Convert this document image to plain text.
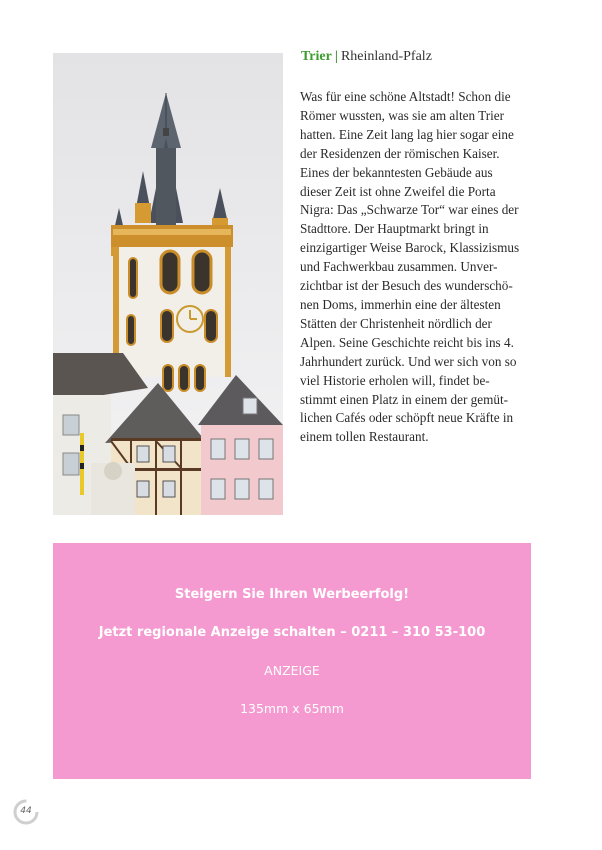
Trier | Rheinland-Pfalz
Was für eine schöne Altstadt! Schon die
Römer wussten, was sie am alten Trier
hatten. Eine Zeit lang lag hier sogar eine
der Residenzen der römischen Kaiser.
Eines der bekanntesten Gebäude aus
dieser Zeit ist ohne Zweifel die Porta
Nigra: Das „Schwarze Tor“ war eines der
Stadttore. Der Hauptmarkt bringt in
einzigartiger Weise Barock, Klassizismus
und Fachwerkbau zusammen. Unver-
zichtbar ist der Besuch des wunderschö-
nen Doms, immerhin eine der ältesten
Stätten der Christenheit nördlich der
Alpen. Seine Geschichte reicht bis ins 4.
Jahrhundert zurück. Und wer sich von so
viel Historie erholen will, findet be-
stimmt einen Platz in einem der gemüt-
lichen Cafés oder schöpft neue Kräfte in
einem tollen Restaurant.
Steigern Sie Ihren Werbeerfolg!
Jetzt regionale Anzeige schalten – 0211 – 310 53-100
ANZEIGE
135mm x 65mm
44
